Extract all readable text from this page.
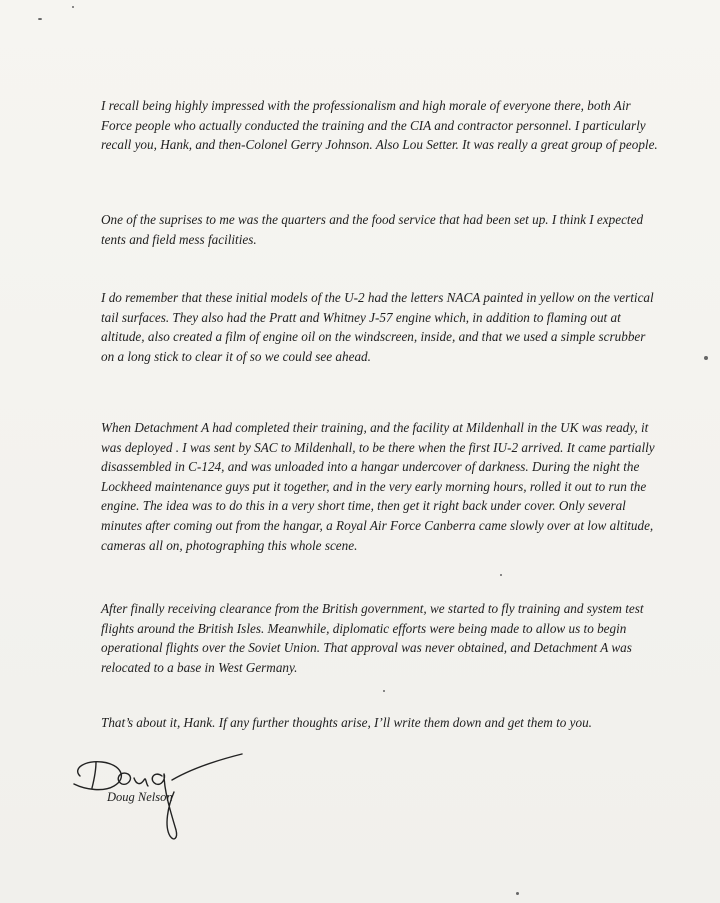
I recall being highly impressed with the professionalism and high morale of everyone there, both Air Force people who actually conducted the training and the CIA and contractor personnel. I particularly recall you, Hank, and then-Colonel Gerry Johnson. Also Lou Setter. It was really a great group of people.

One of the suprises to me was the quarters and the food service that had been set up. I think I expected tents and field mess facilities.

I do remember that these initial models of the U-2 had the letters NACA painted in yellow on the vertical tail surfaces. They also had the Pratt and Whitney J-57 engine which, in addition to flaming out at altitude, also created a film of engine oil on the windscreen, inside, and that we used a simple scrubber on a long stick to clear it of so we could see ahead.

When Detachment A had completed their training, and the facility at Mildenhall in the UK was ready, it was deployed . I was sent by SAC to Mildenhall, to be there when the first IU-2 arrived. It came partially disassembled in C-124, and was unloaded into a hangar undercover of darkness. During the night the Lockheed maintenance guys put it together, and in the very early morning hours, rolled it out to run the engine. The idea was to do this in a very short time, then get it right back under cover. Only several minutes after coming out from the hangar, a Royal Air Force Canberra came slowly over at low altitude, cameras all on, photographing this whole scene.

After finally receiving clearance from the British government, we started to fly training and system test flights around the British Isles. Meanwhile, diplomatic efforts were being made to allow us to begin operational flights over the Soviet Union. That approval was never obtained, and Detachment A was relocated to a base in West Germany.

That’s about it, Hank. If any further thoughts arise, I’ll write them down and get them to you.

Doug Nelson
